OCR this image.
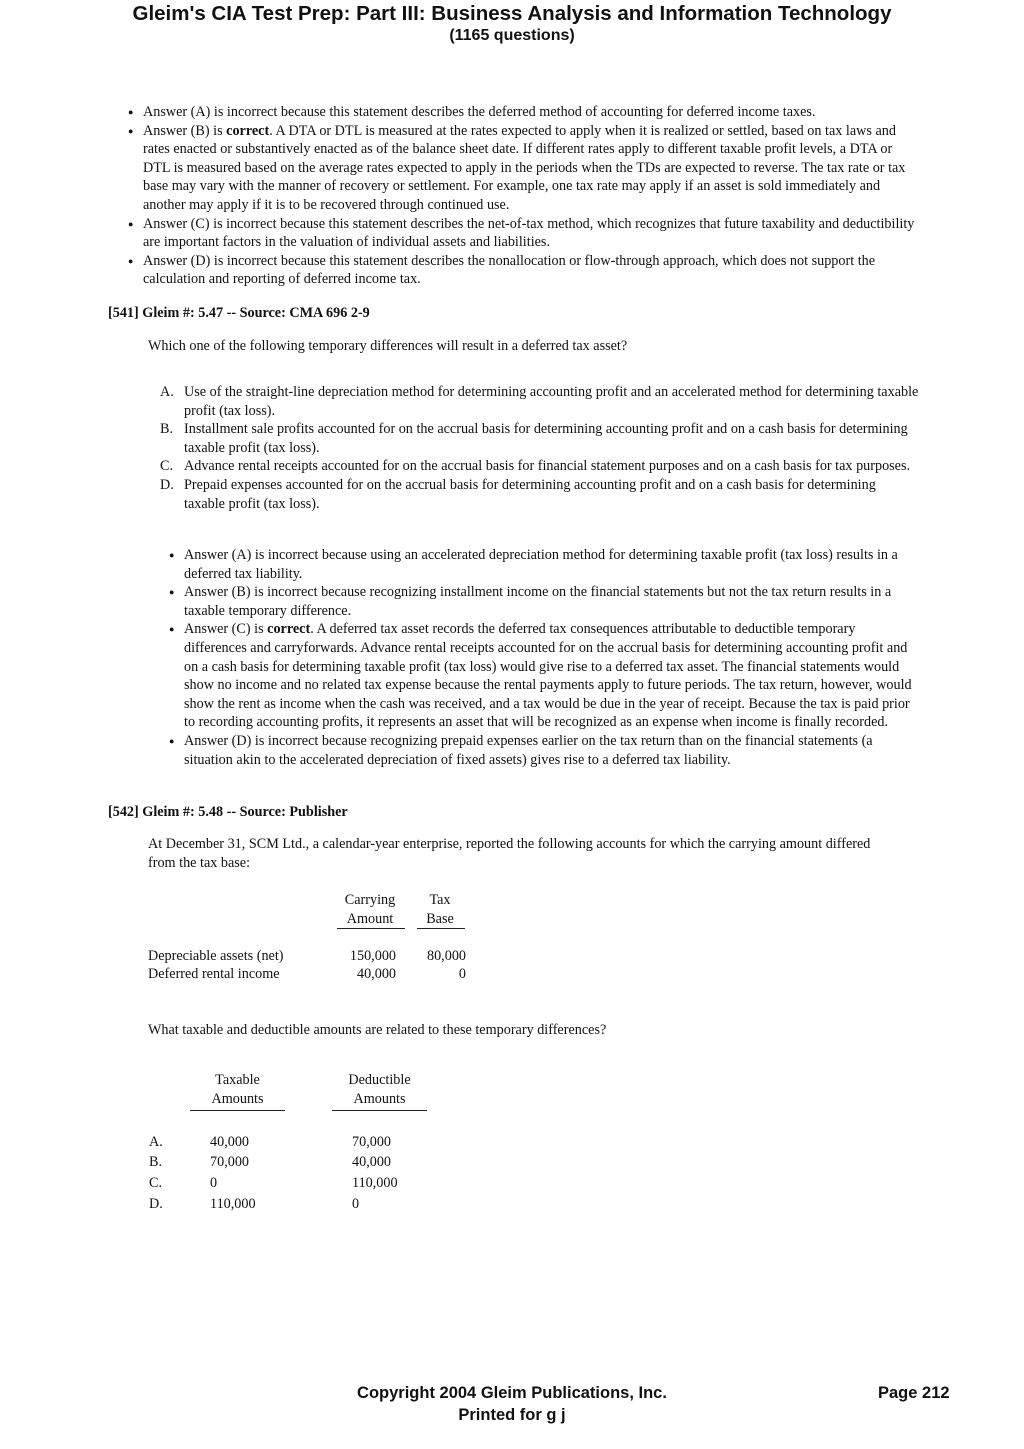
Gleim's CIA Test Prep: Part III: Business Analysis and Information Technology
(1165 questions)
● Answer (A) is incorrect because this statement describes the deferred method of accounting for deferred income taxes.
● Answer (B) is correct. A DTA or DTL is measured at the rates expected to apply when it is realized or settled, based on tax laws and rates enacted or substantively enacted as of the balance sheet date. If different rates apply to different taxable profit levels, a DTA or DTL is measured based on the average rates expected to apply in the periods when the TDs are expected to reverse. The tax rate or tax base may vary with the manner of recovery or settlement. For example, one tax rate may apply if an asset is sold immediately and another may apply if it is to be recovered through continued use.
● Answer (C) is incorrect because this statement describes the net-of-tax method, which recognizes that future taxability and deductibility are important factors in the valuation of individual assets and liabilities.
● Answer (D) is incorrect because this statement describes the nonallocation or flow-through approach, which does not support the calculation and reporting of deferred income tax.
[541] Gleim #: 5.47 -- Source: CMA 696 2-9
Which one of the following temporary differences will result in a deferred tax asset?
A. Use of the straight-line depreciation method for determining accounting profit and an accelerated method for determining taxable profit (tax loss).
B. Installment sale profits accounted for on the accrual basis for determining accounting profit and on a cash basis for determining taxable profit (tax loss).
C. Advance rental receipts accounted for on the accrual basis for financial statement purposes and on a cash basis for tax purposes.
D. Prepaid expenses accounted for on the accrual basis for determining accounting profit and on a cash basis for determining taxable profit (tax loss).
● Answer (A) is incorrect because using an accelerated depreciation method for determining taxable profit (tax loss) results in a deferred tax liability.
● Answer (B) is incorrect because recognizing installment income on the financial statements but not the tax return results in a taxable temporary difference.
● Answer (C) is correct. A deferred tax asset records the deferred tax consequences attributable to deductible temporary differences and carryforwards. Advance rental receipts accounted for on the accrual basis for determining accounting profit and on a cash basis for determining taxable profit (tax loss) would give rise to a deferred tax asset. The financial statements would show no income and no related tax expense because the rental payments apply to future periods. The tax return, however, would show the rent as income when the cash was received, and a tax would be due in the year of receipt. Because the tax is paid prior to recording accounting profits, it represents an asset that will be recognized as an expense when income is finally recorded.
● Answer (D) is incorrect because recognizing prepaid expenses earlier on the tax return than on the financial statements (a situation akin to the accelerated depreciation of fixed assets) gives rise to a deferred tax liability.
[542] Gleim #: 5.48 -- Source: Publisher
At December 31, SCM Ltd., a calendar-year enterprise, reported the following accounts for which the carrying amount differed from the tax base:
Carrying
Amount
Tax
Base
Depreciable assets (net)	150,000	80,000
Deferred rental income	40,000	0
What taxable and deductible amounts are related to these temporary differences?
Taxable
Amounts
Deductible
Amounts
A.	40,000	70,000
B.	70,000	40,000
C.	0	110,000
D.	110,000	0
Copyright 2004 Gleim Publications, Inc.
Printed for g j
Page 212
